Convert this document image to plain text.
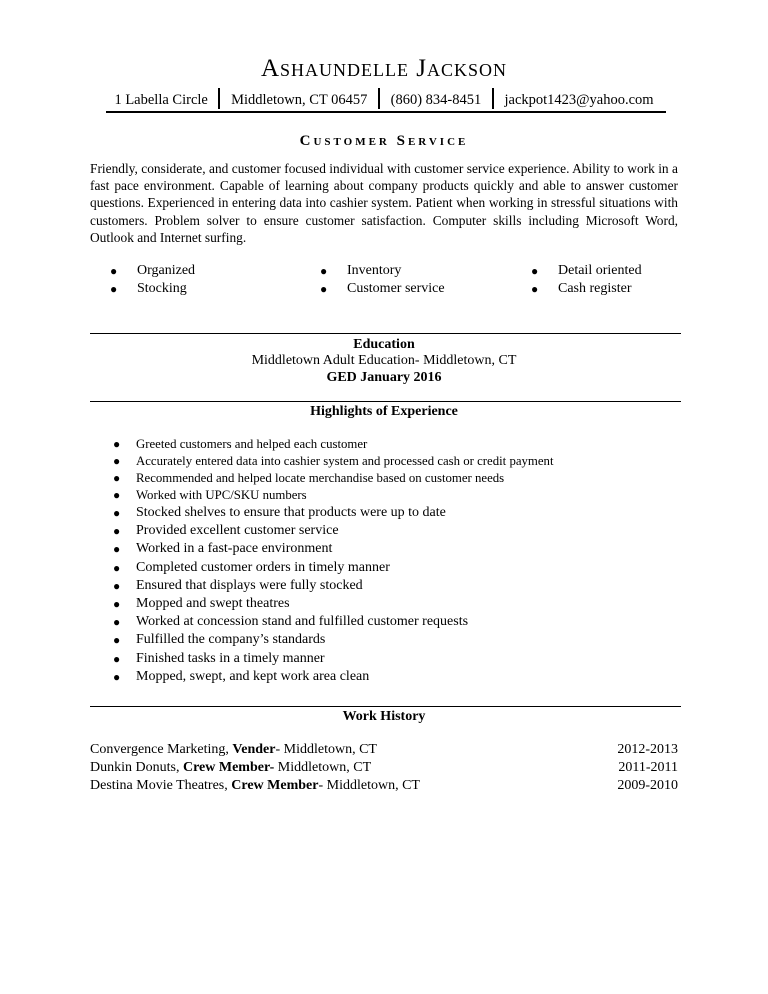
Ashaundelle Jackson
1 Labella Circle Middletown, CT 06457 (860) 834-8451 jackpot1423@yahoo.com
Customer Service
Friendly, considerate, and customer focused individual with customer service experience. Ability to work in a fast pace environment. Capable of learning about company products quickly and able to answer customer questions. Experienced in entering data into cashier system. Patient when working in stressful situations with customers. Problem solver to ensure customer satisfaction. Computer skills including Microsoft Word, Outlook and Internet surfing.
● Organized
● Stocking
● Inventory
● Customer service
● Detail oriented
● Cash register
Education
Middletown Adult Education- Middletown, CT
GED January 2016
Highlights of Experience
● Greeted customers and helped each customer
● Accurately entered data into cashier system and processed cash or credit payment
● Recommended and helped locate merchandise based on customer needs
● Worked with UPC/SKU numbers
● Stocked shelves to ensure that products were up to date
● Provided excellent customer service
● Worked in a fast-pace environment
● Completed customer orders in timely manner
● Ensured that displays were fully stocked
● Mopped and swept theatres
● Worked at concession stand and fulfilled customer requests
● Fulfilled the company’s standards
● Finished tasks in a timely manner
● Mopped, swept, and kept work area clean
Work History
Convergence Marketing, Vender- Middletown, CT	2012-2013
Dunkin Donuts, Crew Member- Middletown, CT	2011-2011
Destina Movie Theatres, Crew Member- Middletown, CT	2009-2010
